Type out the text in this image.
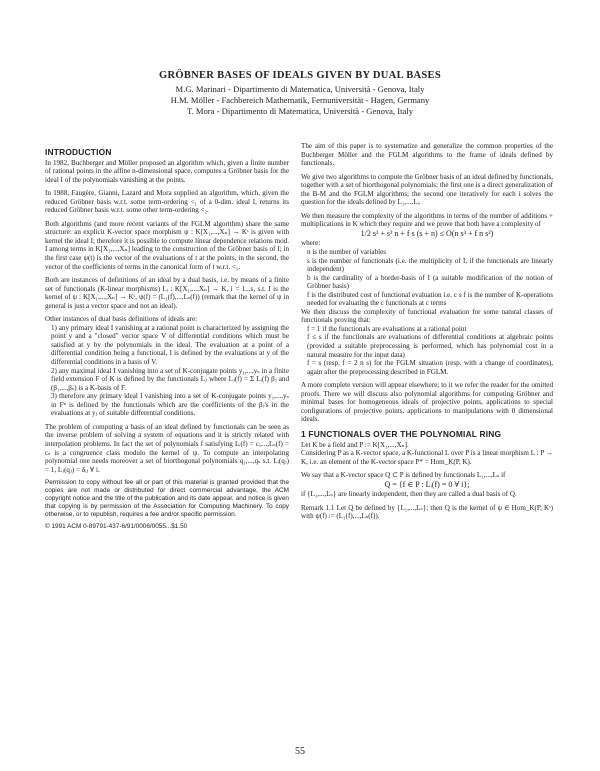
GRÖBNER BASES OF IDEALS GIVEN BY DUAL BASES
M.G. Marinari - Dipartimento di Matematica, Università - Genova, Italy
H.M. Möller - Fachbereich Mathematik, Fernuniversität - Hagen, Germany
T. Mora - Dipartimento di Matematica, Università - Genova, Italy
INTRODUCTION

In 1982, Buchberger and Möller proposed an algorithm which, given a finite number of rational points in the affine n-dimensional space, computes a Gröbner basis for the ideal I of the polynomials vanishing at the points.

In 1988, Faugère, Gianni, Lazard and Mora supplied an algorithm, which, given the reduced Gröbner basis w.r.t. some term-ordering <₁ of a 0-dim. ideal I, returns its reduced Gröbner basis w.r.t. some other term-ordering <₂.

Both algorithms (and more recent variants of the FGLM algorithm) share the same structure: an explicit K-vector space morphism ψ : K[X₁,...,Xₙ] → Kˢ is given with kernel the ideal I; therefore it is possible to compute linear dependence relations mod. I among terms in K[X₁,...,Xₙ] leading to the construction of the Gröbner basis of I; in the first case ψ(t) is the vector of the evaluations of t at the points, in the second, the vector of the coefficients of terms in the canonical form of t w.r.t. <₁.

Both are instances of definitions of an ideal by a dual basis, i.e. by means of a finite set of functionals (K-linear morphisms) Lᵢ : K[X₁,...,Xₙ] → K, i = 1...s, s.t. I is the kernel of ψ : K[X₁,...,Xₙ] → Kˢ, ψ(f) = (L₁(f),...,Lₛ(f)) (remark that the kernel of ψ in general is just a vector space and not an ideal).

Other instances of dual basis definitions of ideals are:

1) any primary ideal I vanishing at a rational point is characterized by assigning the point y and a "closed" vector space V of differential conditions which must be satisfied at y by the polynomials in the ideal. The evaluation at a point of a differential condition being a functional, I is defined by the evaluations at y of the differential conditions in a basis of V.

2) any maximal ideal I vanishing into a set of K-conjugate points y₁,...,yₛ in a finite field extension F of K is defined by the functionals Lⱼ where Lⱼ(f) = Σ Lᵢ(f) βⱼ and (β₁,...,βₛ) is a K-basis of F.

3) therefore any primary ideal I vanishing into a set of K-conjugate points y₁,...,yₛ in Fⁿ is defined by the functionals which are the coefficients of the βⱼ's in the evaluations at yⱼ of suitable differential conditions.

The problem of computing a basis of an ideal defined by functionals can be seen as the inverse problem of solving a system of equations and it is strictly related with interpolation problems. In fact the set of polynomials f satisfying Lᵢ(f) = cᵢ,...,Lₛ(f) = cₛ is a congruence class modulo the kernel of ψ. To compute an interpolating polynomial one needs moreover a set of biorthogonal polynomials q₁,...,qₛ s.t. Lᵢ(qⱼ) = 1, Lⱼ(qⱼ) = δᵢⱼ ∀ i.

Permission to copy without fee all or part of this material is granted provided that the copies are not made or distributed for direct commercial advantage, the ACM copyright notice and the title of the publication and its date appear, and notice is given that copying is by permission of the Association for Computing Machinery. To copy otherwise, or to republish, requires a fee and/or specific permission.
© 1991 ACM 0-89791-437-6/91/0006/0055...$1.50

The aim of this paper is to systematize and generalize the common properties of the Buchberger Möller and the FGLM algorithms to the frame of ideals defined by functionals.

We give two algorithms to compute the Gröbner basis of an ideal defined by functionals, together with a set of biorthogonal polynomials: the first one is a direct generalization of the B-M and the FGLM algorithms; the second one iteratively for each i solves the question for the ideals defined by L₁,...,Lᵢ.

We then measure the complexity of the algorithms in terms of the number of additions + multiplications in K which they require and we prove that both have a complexity of

1/2 s³ + s² n + f s (s + n) ≤ O(n s³ + f n s²)

where:

n is the number of variables

s is the number of functionals (i.e. the multiplicity of I, if the functionals are linearly independent)

b is the cardinality of a border-basis of I (a suitable modification of the notion of Gröbner basis)

f is the distributed cost of functional evaluation i.e. c s f is the number of K-operations needed for evaluating the c functionals at c terms

We then discuss the complexity of functional evaluation for some natural classes of functionals proving that:

f = 1 if the functionals are evaluations at a rational point

f ≤ s if the functionals are evaluations of differential conditions at algebraic points (provided a suitable preprocessing is performed, which has polynomial cost in a natural measure for the input data)

f = s (resp. f = 2 n s) for the FGLM situation (resp. with a change of coordinates), again after the preprocessing described in FGLM.

A more complete version will appear elsewhere; to it we refer the reader for the omitted proofs. There we will discuss also polynomial algorithms for computing Gröbner and minimal bases for homogeneous ideals of projective points, applications to special configurations of projective points, applications to manipulations with 0 dimensional ideals.

1 FUNCTIONALS OVER THE POLYNOMIAL RING

Let K be a field and P := K[X₁,...,Xₙ].

Considering P as a K-vector space, a K-functional L over P is a linear morphism L : P → K, i.e. an element of the K-vector space P* = Hom_K(P, K).

We say that a K-vector space Q ⊂ P is defined by functionals L₁,...,Lₛ if

Q = {f ∈ P : Lᵢ(f) = 0 ∀ i};

if {L₁,...,Lₛ} are linearly independent, then they are called a dual basis of Q.

Remark 1.1 Let Q be defined by {L₁,...,Lₛ}; then Q is the kernel of ψ ∈ Hom_K(P, Kˢ) with ψ(f) := (L₁(f),...,Lₛ(f)).

55
